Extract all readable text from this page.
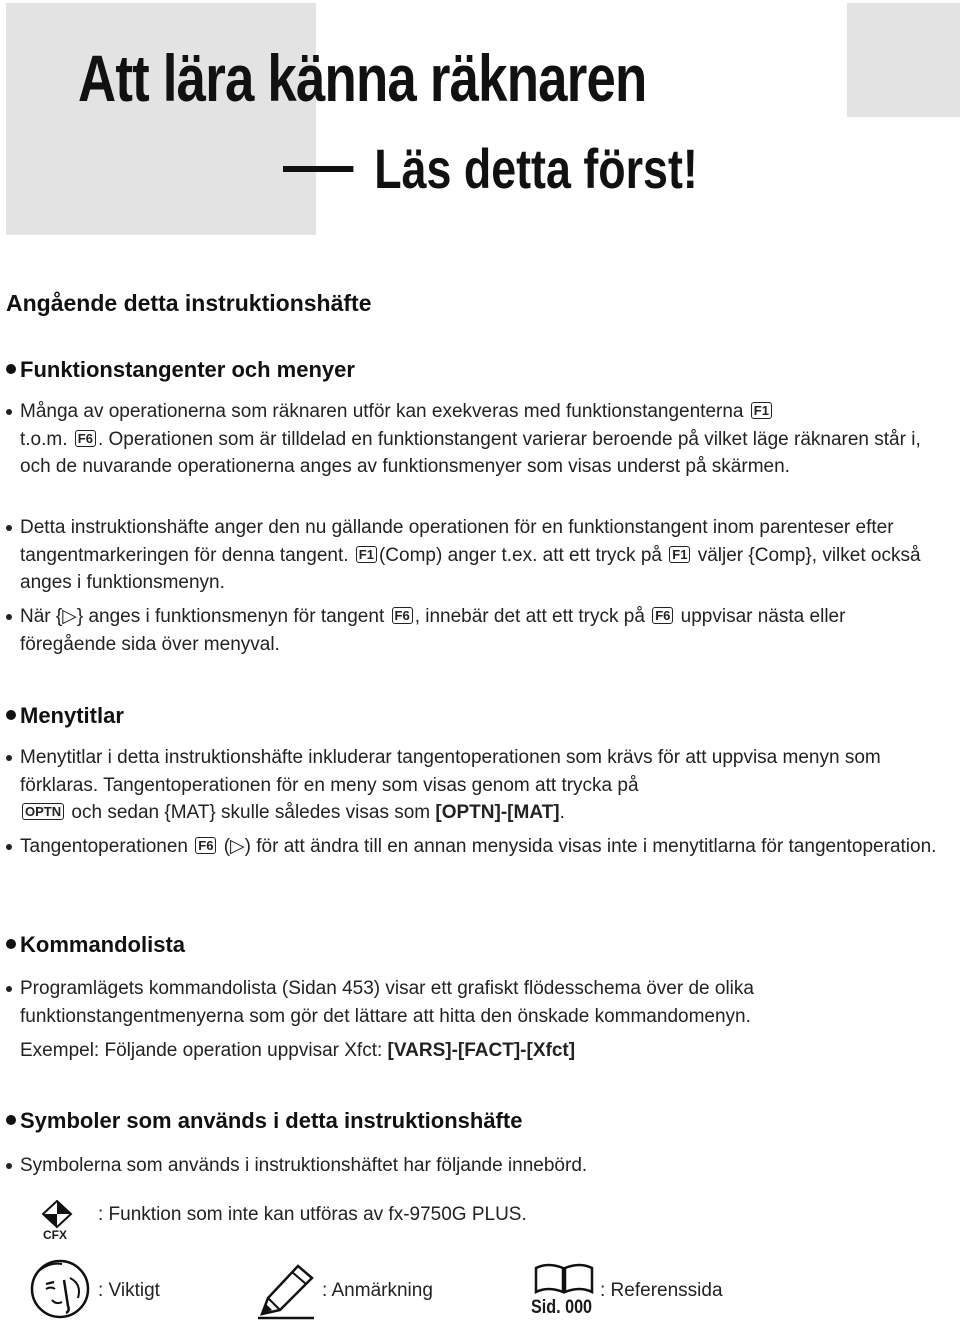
Att lära känna räknaren
Läs detta först!
Angående detta instruktionshäfte
Funktionstangenter och menyer
Många av operationerna som räknaren utför kan exekveras med funktionstangenterna F1
t.o.m. F6 . Operationen som är tilldelad en funktionstangent varierar beroende på vilket läge räknaren står i, och de nuvarande operationerna anges av funktionsmenyer som visas underst på skärmen.
Detta instruktionshäfte anger den nu gällande operationen för en funktionstangent inom parenteser efter tangentmarkeringen för denna tangent. F1 (Comp) anger t.ex. att ett tryck på F1 väljer {Comp}, vilket också anges i funktionsmenyn.
När {▷} anges i funktionsmenyn för tangent F6 , innebär det att ett tryck på F6 uppvisar nästa eller föregående sida över menyval.
Menytitlar
Menytitlar i detta instruktionshäfte inkluderar tangentoperationen som krävs för att uppvisa menyn som förklaras. Tangentoperationen för en meny som visas genom att trycka på
OPTN och sedan {MAT} skulle således visas som [OPTN]-[MAT].
Tangentoperationen F6 (▷) för att ändra till en annan menysida visas inte i menytitlarna för tangentoperation.
Kommandolista
Programlägets kommandolista (Sidan 453) visar ett grafiskt flödesschema över de olika funktionstangentmenyerna som gör det lättare att hitta den önskade kommandomenyn.
Exempel: Följande operation uppvisar Xfct: [VARS]-[FACT]-[Xfct]
Symboler som används i detta instruktionshäfte
Symbolerna som används i instruktionshäftet har följande innebörd.
CFX
: Funktion som inte kan utföras av fx-9750G PLUS.
: Viktigt	: Anmärkning
Sid. 000
: Referenssida
